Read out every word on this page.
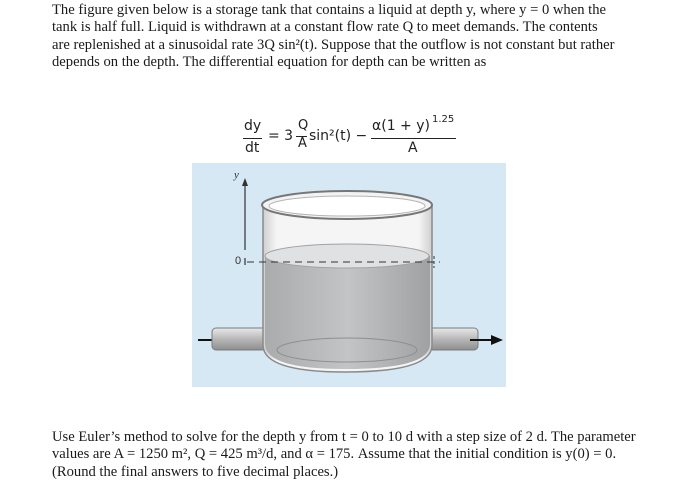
The figure given below is a storage tank that contains a liquid at depth y, where y = 0 when the
tank is half full. Liquid is withdrawn at a constant flow rate Q to meet demands. The contents
are replenished at a sinusoidal rate 3Q sin²(t). Suppose that the outflow is not constant but rather
depends on the depth. The differential equation for depth can be written as
dy
dt
= 3
Q
A sin²(t) −
α(1 + y) 1.25
A
y
0
Use Euler’s method to solve for the depth y from t = 0 to 10 d with a step size of 2 d. The parameter
values are A = 1250 m², Q = 425 m³/d, and α = 175. Assume that the initial condition is y(0) = 0.
(Round the final answers to five decimal places.)
